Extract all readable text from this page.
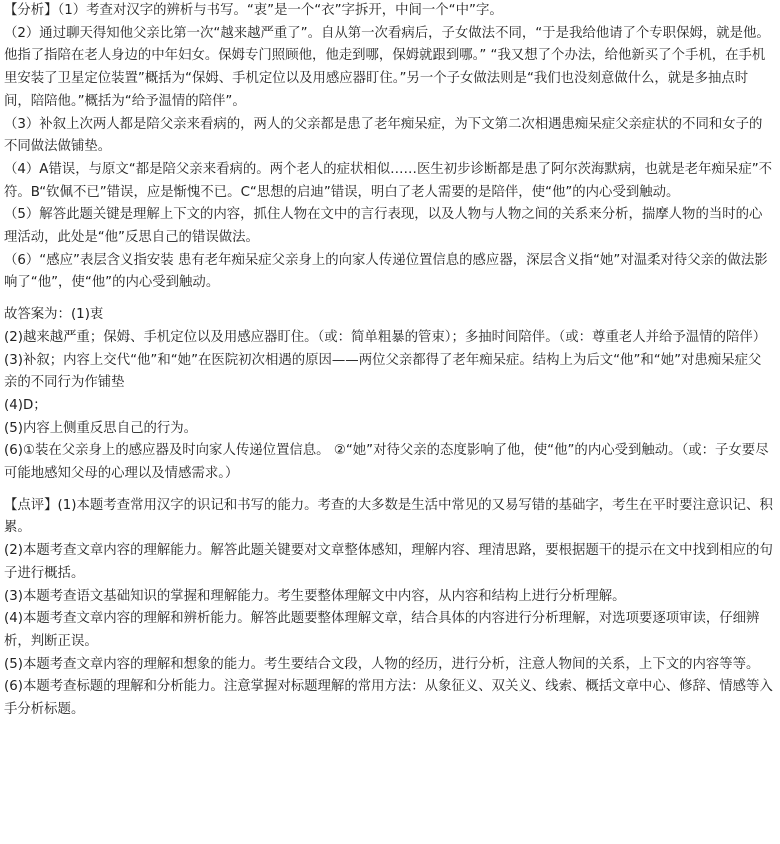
【分析】（1）考查对汉字的辨析与书写。“衷”是一个“衣”字拆开，中间一个“中”字。

（2）通过聊天得知他父亲比第一次“越来越严重了”。自从第一次看病后，子女做法不同，“于是我给他请了个专职保姆，就是他。他指了指陪在老人身边的中年妇女。保姆专门照顾他，他走到哪，保姆就跟到哪。” “我又想了个办法，给他新买了个手机，在手机里安装了卫星定位装置”概括为“保姆、手机定位以及用感应器盯住。”另一个子女做法则是“我们也没刻意做什么，就是多抽点时间，陪陪他。”概括为“给予温情的陪伴”。

（3）补叙上次两人都是陪父亲来看病的，两人的父亲都是患了老年痴呆症，为下文第二次相遇患痴呆症父亲症状的不同和女子的不同做法做铺垫。

（4）A错误，与原文“都是陪父亲来看病的。两个老人的症状相似……医生初步诊断都是患了阿尔茨海默病，也就是老年痴呆症”不符。B“钦佩不已”错误，应是惭愧不已。C“思想的启迪”错误，明白了老人需要的是陪伴，使“他”的内心受到触动。

（5）解答此题关键是理解上下文的内容，抓住人物在文中的言行表现，以及人物与人物之间的关系来分析，揣摩人物的当时的心理活动，此处是“他”反思自己的错误做法。

（6）“感应”表层含义指安装 患有老年痴呆症父亲身上的向家人传递位置信息的感应器，深层含义指“她”对温柔对待父亲的做法影响了“他”，使“他”的内心受到触动。

故答案为：(1)衷

(2)越来越严重；保姆、手机定位以及用感应器盯住。（或：简单粗暴的管束）；多抽时间陪伴。（或：尊重老人并给予温情的陪伴）

(3)补叙；内容上交代“他”和“她”在医院初次相遇的原因——两位父亲都得了老年痴呆症。结构上为后文“他”和“她”对患痴呆症父亲的不同行为作铺垫

(4)D；

(5)内容上侧重反思自己的行为。

(6)①装在父亲身上的感应器及时向家人传递位置信息。 ②“她”对待父亲的态度影响了他，使“他”的内心受到触动。（或：子女要尽可能地感知父母的心理以及情感需求。）

【点评】(1)本题考查常用汉字的识记和书写的能力。考查的大多数是生活中常见的又易写错的基础字，考生在平时要注意识记、积累。

(2)本题考查文章内容的理解能力。解答此题关键要对文章整体感知，理解内容、理清思路，要根据题干的提示在文中找到相应的句子进行概括。

(3)本题考查语文基础知识的掌握和理解能力。考生要整体理解文中内容，从内容和结构上进行分析理解。

(4)本题考查文章内容的理解和辨析能力。解答此题要整体理解文章，结合具体的内容进行分析理解，对选项要逐项审读，仔细辨析，判断正误。

(5)本题考查文章内容的理解和想象的能力。考生要结合文段，人物的经历，进行分析，注意人物间的关系，上下文的内容等等。

(6)本题考查标题的理解和分析能力。注意掌握对标题理解的常用方法：从象征义、双关义、线索、概括文章中心、修辞、情感等入手分析标题。
